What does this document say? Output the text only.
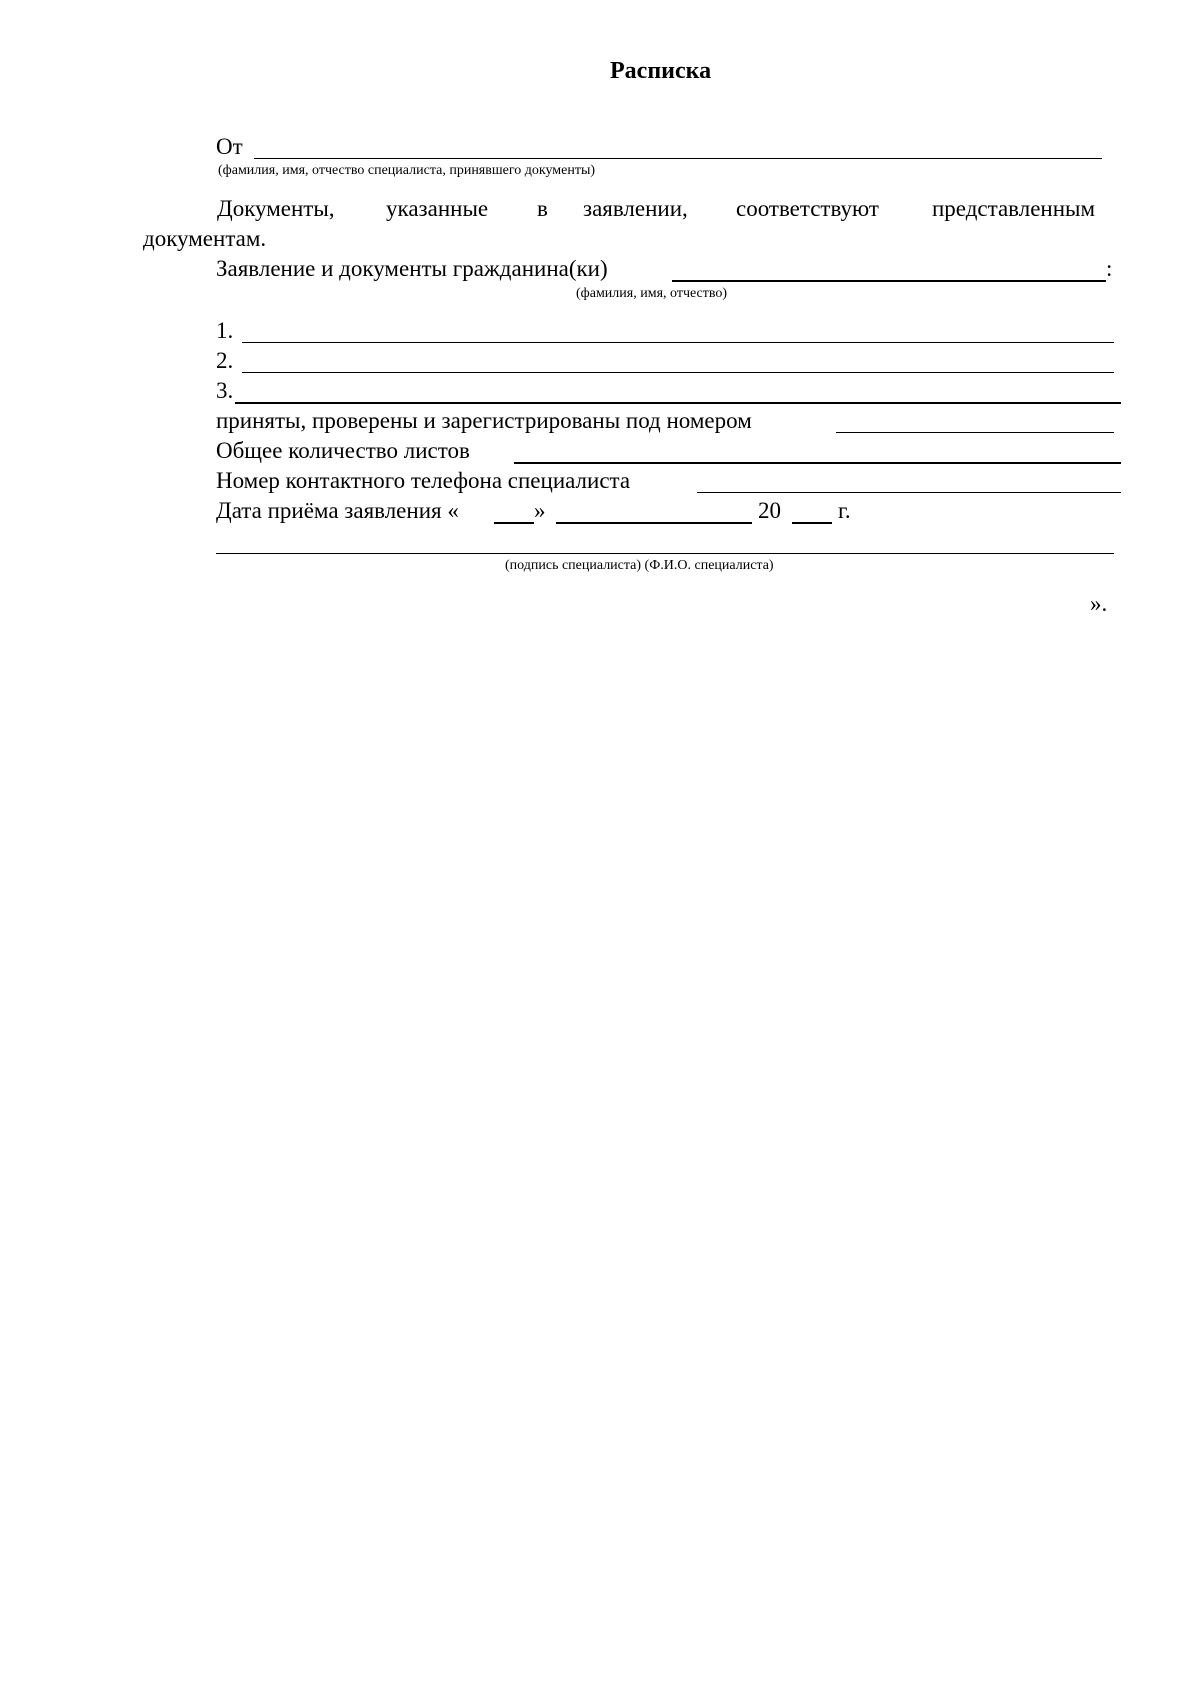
Расписка
От
(фамилия, имя, отчество специалиста, принявшего документы)
Документы, указанные в заявлении, соответствуют представленным
документам.
Заявление и документы гражданина(ки)	:
(фамилия, имя, отчество)
1.
2.
3.
приняты, проверены и зарегистрированы под номером
Общее количество листов
Номер контактного телефона специалиста
Дата приёма заявления «	»	20 г.
(подпись специалиста) (Ф.И.О. специалиста)
».
